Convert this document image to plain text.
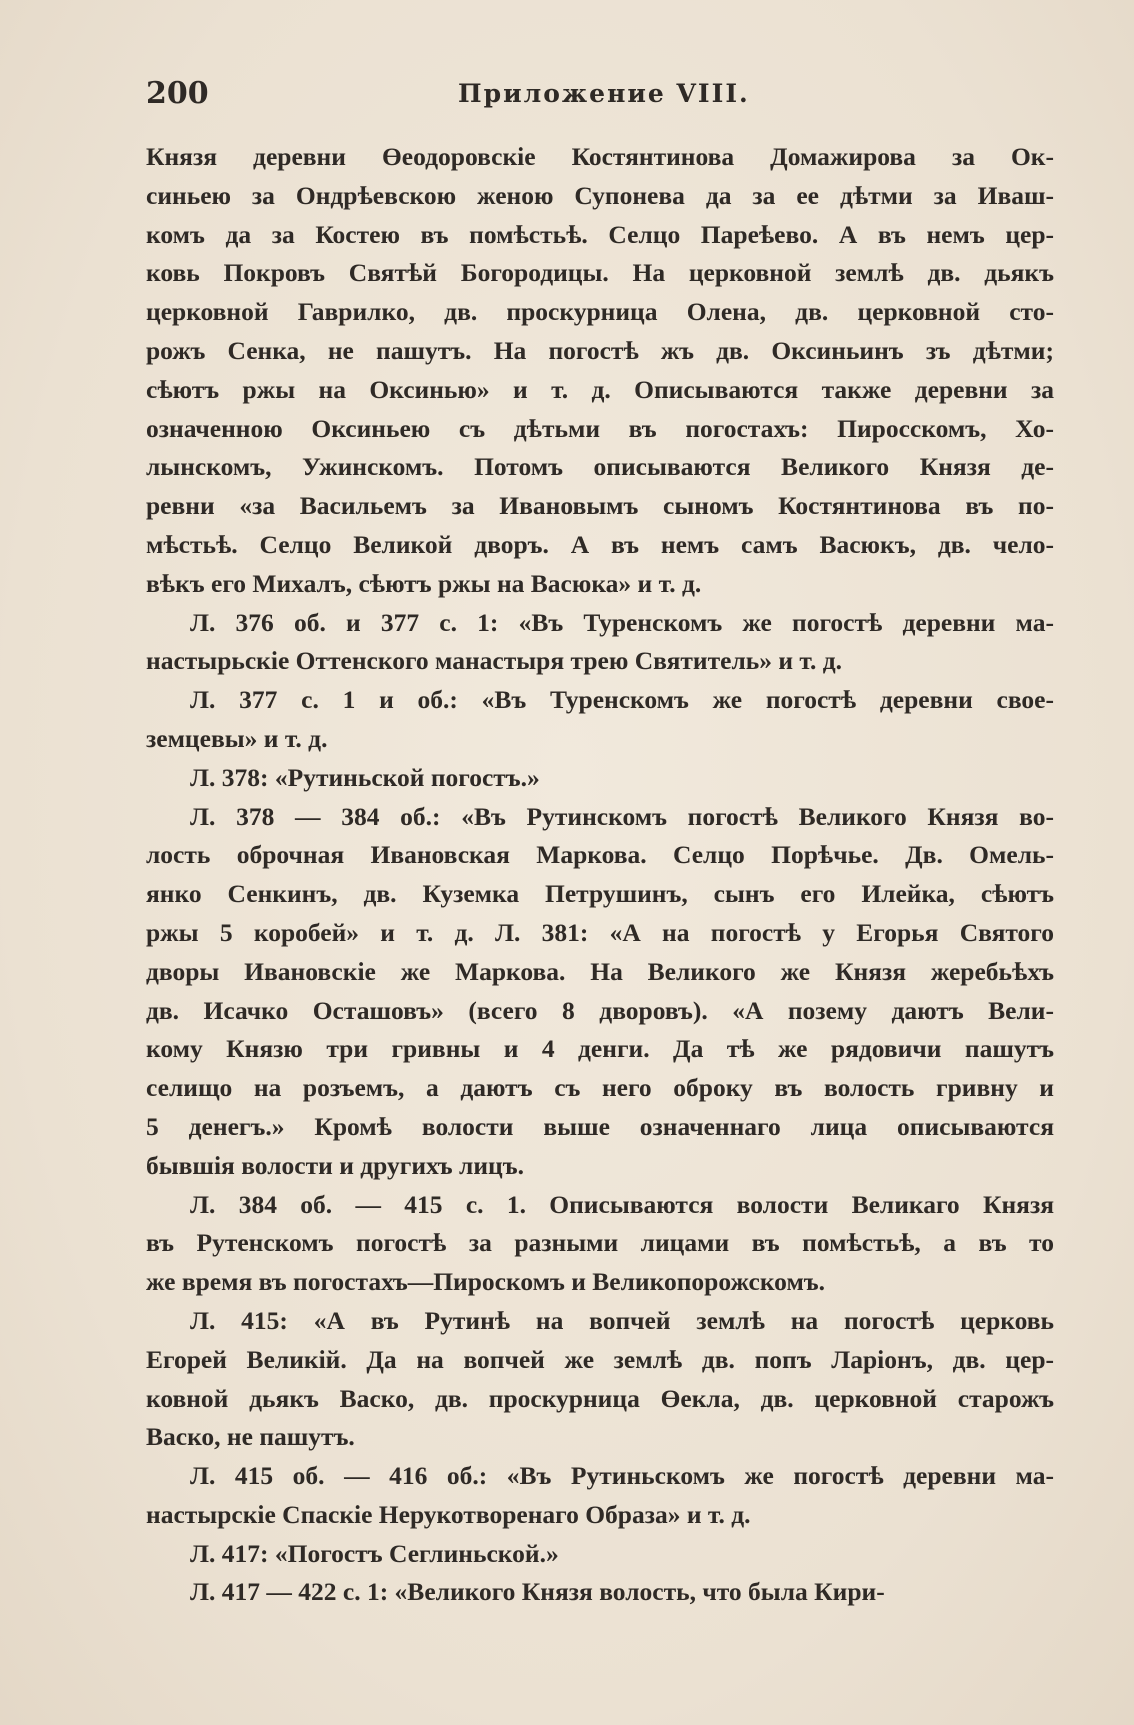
200	Приложение VIII.
Князя деревни Өеодоровскіе Костянтинова Домажирова за Ок-
синьею за Ондрѣевскою женою Супонева да за ее дѣтми за Иваш-
комъ да за Костею въ помѣстьѣ. Селцо Пареѣево. А въ немъ цер-
ковь Покровъ Святѣй Богородицы. На церковной землѣ дв. дьякъ
церковной Гаврилко, дв. проскурница Олена, дв. церковной сто-
рожъ Сенка, не пашутъ. На погостѣ жъ дв. Оксиньинъ зъ дѣтми;
сѣютъ ржы на Оксинью» и т. д. Описываются также деревни за
означенною Оксиньею съ дѣтьми въ погостахъ: Пиросскомъ, Хо-
лынскомъ, Ужинскомъ. Потомъ описываются Великого Князя де-
ревни «за Васильемъ за Ивановымъ сыномъ Костянтинова въ по-
мѣстьѣ. Селцо Великой дворъ. А въ немъ самъ Васюкъ, дв. чело-
вѣкъ его Михалъ, сѣютъ ржы на Васюка» и т. д.
Л. 376 об. и 377 с. 1: «Въ Туренскомъ же погостѣ деревни ма-
настырьскіе Оттенского манастыря трею Святитель» и т. д.
Л. 377 с. 1 и об.: «Въ Туренскомъ же погостѣ деревни свое-
земцевы» и т. д.
Л. 378: «Рутиньской погостъ.»
Л. 378 — 384 об.: «Въ Рутинскомъ погостѣ Великого Князя во-
лость оброчная Ивановская Маркова. Селцо Порѣчье. Дв. Омель-
янко Сенкинъ, дв. Куземка Петрушинъ, сынъ его Илейка, сѣютъ
ржы 5 коробей» и т. д. Л. 381: «А на погостѣ у Егорья Святого
дворы Ивановскіе же Маркова. На Великого же Князя жеребьѣхъ
дв. Исачко Осташовъ» (всего 8 дворовъ). «А позему даютъ Вели-
кому Князю три гривны и 4 денги. Да тѣ же рядовичи пашутъ
селищо на розъемъ, а даютъ съ него оброку въ волость гривну и
5 денегъ.» Кромѣ волости выше означеннаго лица описываются
бывшія волости и другихъ лицъ.
Л. 384 об. — 415 с. 1. Описываются волости Великаго Князя
въ Рутенскомъ погостѣ за разными лицами въ помѣстьѣ, а въ то
же время въ погостахъ—Пироскомъ и Великопорожскомъ.
Л. 415: «А въ Рутинѣ на вопчей землѣ на погостѣ церковь
Егорей Великій. Да на вопчей же землѣ дв. попъ Ларіонъ, дв. цер-
ковной дьякъ Васко, дв. проскурница Өекла, дв. церковной старожъ
Васко, не пашутъ.
Л. 415 об. — 416 об.: «Въ Рутиньскомъ же погостѣ деревни ма-
настырскіе Спаскіе Нерукотворенаго Образа» и т. д.
Л. 417: «Погостъ Сеглиньской.»
Л. 417 — 422 с. 1: «Великого Князя волость, что была Кири-
